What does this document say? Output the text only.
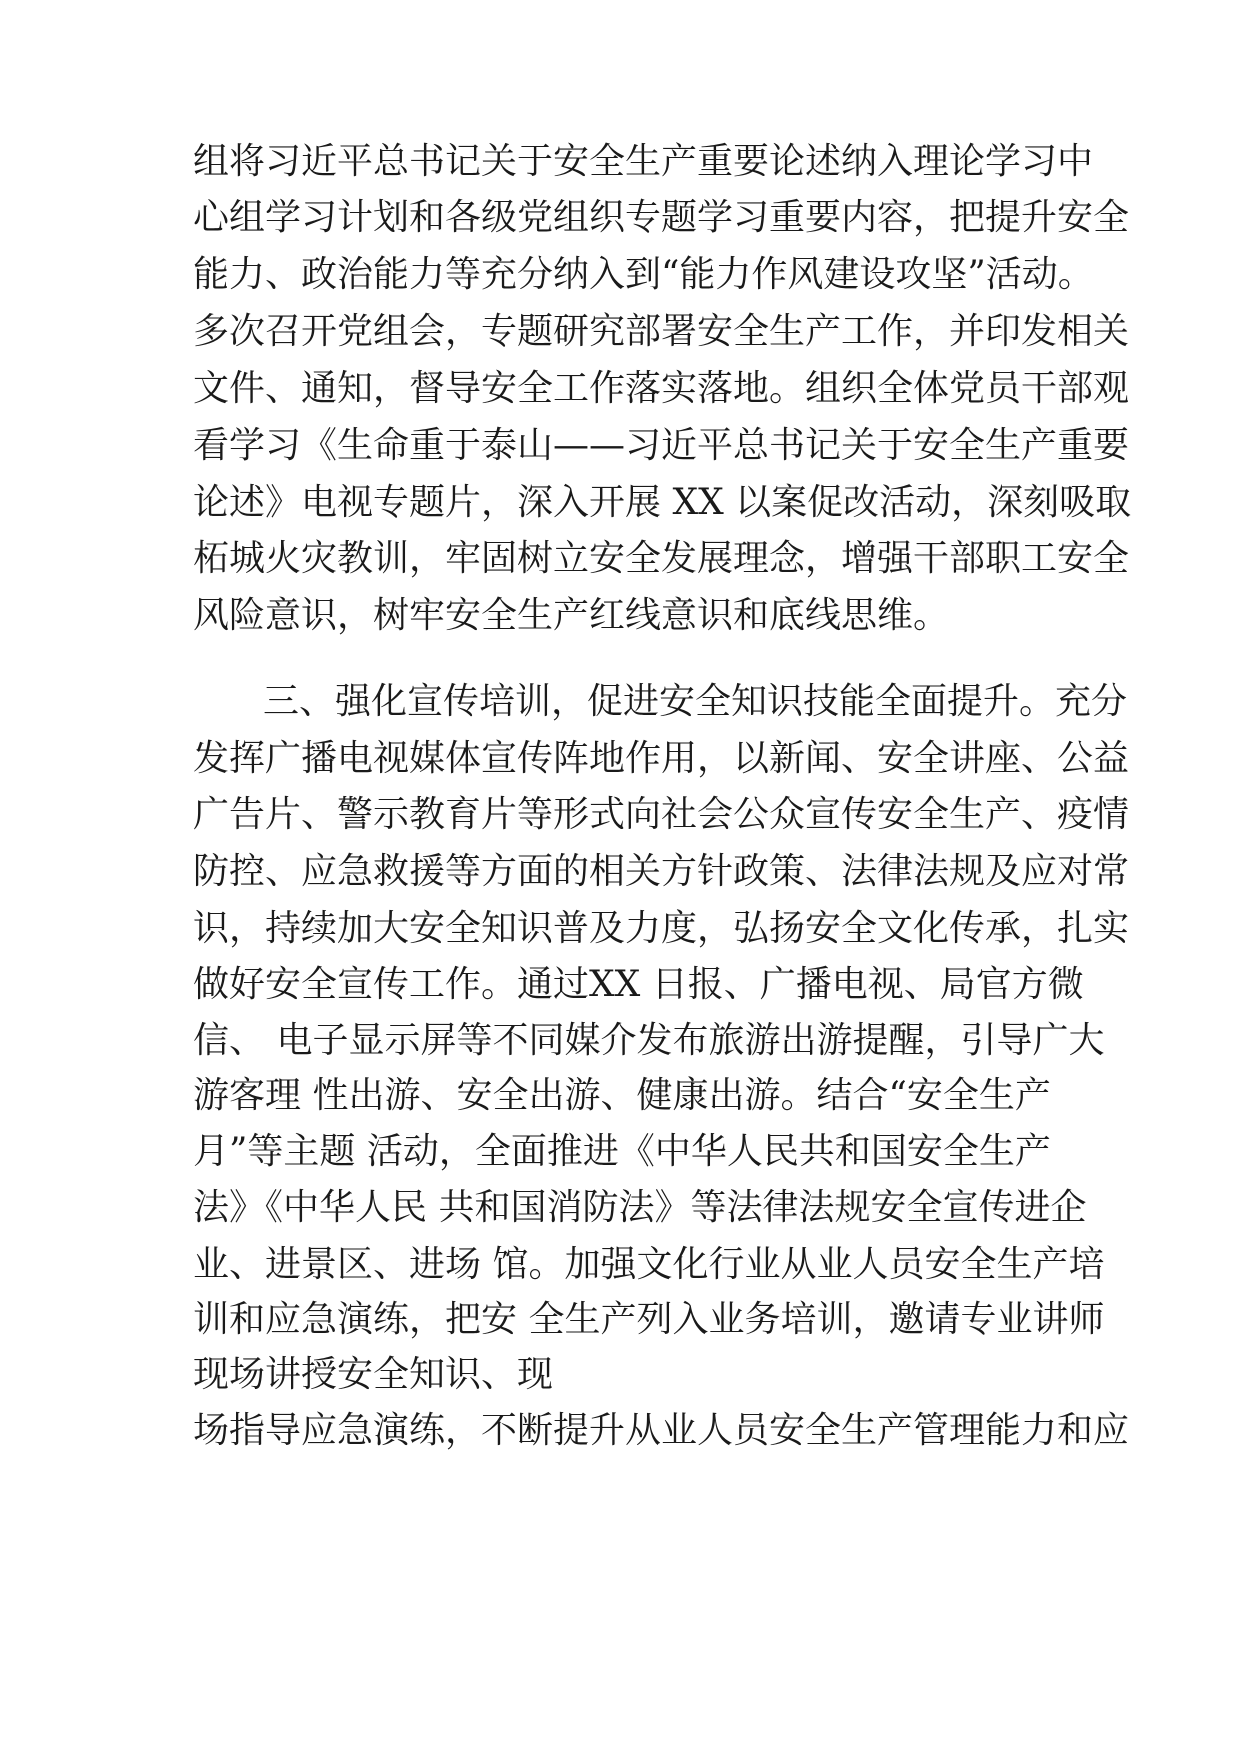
组将习近平总书记关于安全生产重要论述纳入理论学习中

心组学习计划和各级党组织专题学习重要内容，把提升安全

能力、政治能力等充分纳入到“能力作风建设攻坚”活动。

多次召开党组会，专题研究部署安全生产工作，并印发相关

文件、通知，督导安全工作落实落地。组织全体党员干部观

看学习《生命重于泰山——习近平总书记关于安全生产重要

论述》电视专题片，深入开展 XX 以案促改活动，深刻吸取

柘城火灾教训，牢固树立安全发展理念，增强干部职工安全

风险意识，树牢安全生产红线意识和底线思维。

三、强化宣传培训，促进安全知识技能全面提升。充分

发挥广播电视媒体宣传阵地作用，以新闻、安全讲座、公益

广告片、警示教育片等形式向社会公众宣传安全生产、疫情

防控、应急救援等方面的相关方针政策、法律法规及应对常

识，持续加大安全知识普及力度，弘扬安全文化传承，扎实

做好安全宣传工作。通过XX 日报、广播电视、局官方微

信、 电子显示屏等不同媒介发布旅游出游提醒，引导广大

游客理 性出游、安全出游、健康出游。结合“安全生产

月”等主题 活动，全面推进《中华人民共和国安全生产

法》《中华人民 共和国消防法》等法律法规安全宣传进企

业、进景区、进场 馆。加强文化行业从业人员安全生产培

训和应急演练，把安 全生产列入业务培训，邀请专业讲师

现场讲授安全知识、现

场指导应急演练，不断提升从业人员安全生产管理能力和应
